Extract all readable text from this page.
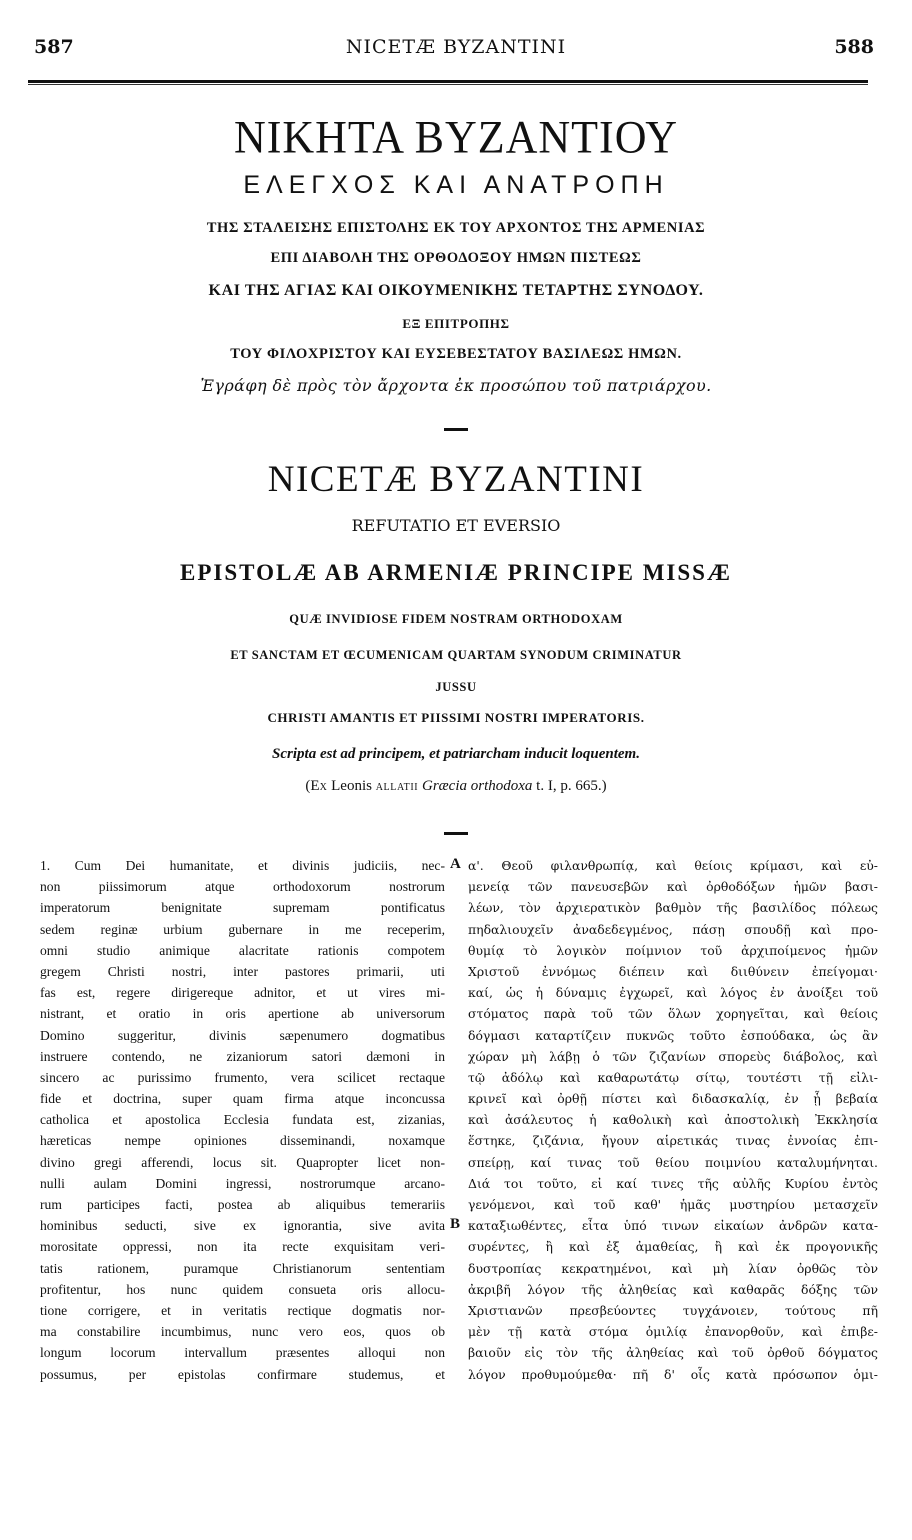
587	NICETÆ BYZANTINI	588
ΝΙΚΗΤΑ ΒΥΖΑΝΤΙΟΥ
ΕΛΕΓΧΟΣ ΚΑΙ ΑΝΑΤΡΟΠΗ
ΤΗΣ ΣΤΑΛΕΙΣΗΣ ΕΠΙΣΤΟΛΗΣ ΕΚ ΤΟΥ ΑΡΧΟΝΤΟΣ ΤΗΣ ΑΡΜΕΝΙΑΣ
ΕΠΙ ΔΙΑΒΟΛΗ ΤΗΣ ΟΡΘΟΔΟΞΟΥ ΗΜΩΝ ΠΙΣΤΕΩΣ
ΚΑΙ ΤΗΣ ΑΓΙΑΣ ΚΑΙ ΟΙΚΟΥΜΕΝΙΚΗΣ ΤΕΤΑΡΤΗΣ ΣΥΝΟΔΟΥ.
ΕΞ ΕΠΙΤΡΟΠΗΣ
ΤΟΥ ΦΙΛΟΧΡΙΣΤΟΥ ΚΑΙ ΕΥΣΕΒΕΣΤΑΤΟΥ ΒΑΣΙΛΕΩΣ ΗΜΩΝ.
Ἐγράφη δὲ πρὸς τὸν ἄρχοντα ἐκ προσώπου τοῦ πατριάρχου.
NICETÆ BYZANTINI
REFUTATIO ET EVERSIO
EPISTOLÆ AB ARMENIÆ PRINCIPE MISSÆ
QUÆ INVIDIOSE FIDEM NOSTRAM ORTHODOXAM
ET SANCTAM ET ŒCUMENICAM QUARTAM SYNODUM CRIMINATUR
JUSSU
CHRISTI AMANTIS ET PIISSIMI NOSTRI IMPERATORIS.
Scripta est ad principem, et patriarcham inducit loquentem.
(EX Leonis ALLATII Græcia orthodoxa t. I, p. 665.)
A
B
1. Cum Dei humanitate, et divinis judiciis, nec-
non piissimorum atque orthodoxorum nostrorum
imperatorum benignitate supremam pontificatus
sedem reginæ urbium gubernare in me receperim,
omni studio animique alacritate rationis compotem
gregem Christi nostri, inter pastores primarii, uti
fas est, regere dirigereque adnitor, et ut vires mi-
nistrant, et oratio in oris apertione ab universorum
Domino suggeritur, divinis sæpenumero dogmatibus
instruere contendo, ne zizaniorum satori dæmoni in
sincero ac purissimo frumento, vera scilicet rectaque
fide et doctrina, super quam firma atque inconcussa
catholica et apostolica Ecclesia fundata est, zizanias,
hæreticas nempe opiniones disseminandi, noxamque
divino gregi afferendi, locus sit. Quapropter licet non-
nulli aulam Domini ingressi, nostrorumque arcano-
rum participes facti, postea ab aliquibus temerariis
hominibus seducti, sive ex ignorantia, sive avita
morositate oppressi, non ita recte exquisitam veri-
tatis rationem, puramque Christianorum sententiam
profitentur, hos nunc quidem consueta oris allocu-
tione corrigere, et in veritatis rectique dogmatis nor-
ma constabilire incumbimus, nunc vero eos, quos ob
longum locorum intervallum præsentes alloqui non
possumus, per epistolas confirmare studemus, et
α'. Θεοῦ φιλανθρωπίᾳ, καὶ θείοις κρίμασι, καὶ εὐ-
μενείᾳ τῶν πανευσεβῶν καὶ ὀρθοδόξων ἡμῶν βασι-
λέων, τὸν ἀρχιερατικὸν βαθμὸν τῆς βασιλίδος πόλεως
πηδαλιουχεῖν ἀναδεδεγμένος, πάσῃ σπουδῇ καὶ προ-
θυμίᾳ τὸ λογικὸν ποίμνιον τοῦ ἀρχιποίμενος ἡμῶν
Χριστοῦ ἐννόμως διέπειν καὶ διιθύνειν ἐπείγομαι·
καί, ὡς ἡ δύναμις ἐγχωρεῖ, καὶ λόγος ἐν ἀνοίξει τοῦ
στόματος παρὰ τοῦ τῶν ὅλων χορηγεῖται, καὶ θείοις
δόγμασι καταρτίζειν πυκνῶς τοῦτο ἐσπούδακα, ὡς ἂν
χώραν μὴ λάβῃ ὁ τῶν ζιζανίων σπορεὺς διάβολος, καὶ
τῷ ἀδόλῳ καὶ καθαρωτάτῳ σίτῳ, τουτέστι τῇ εἰλι-
κρινεῖ καὶ ὀρθῇ πίστει καὶ διδασκαλίᾳ, ἐν ᾗ βεβαία
καὶ ἀσάλευτος ἡ καθολικὴ καὶ ἀποστολικὴ Ἐκκλησία
ἕστηκε, ζιζάνια, ἤγουν αἱρετικάς τινας ἐννοίας ἐπι-
σπείρῃ, καί τινας τοῦ θείου ποιμνίου καταλυμήνηται.
Διά τοι τοῦτο, εἰ καί τινες τῆς αὐλῆς Κυρίου ἐντὸς
γενόμενοι, καὶ τοῦ καθ' ἡμᾶς μυστηρίου μετασχεῖν
καταξιωθέντες, εἶτα ὑπό τινων εἰκαίων ἀνδρῶν κατα-
συρέντες, ἢ καὶ ἐξ ἀμαθείας, ἢ καὶ ἐκ προγονικῆς
δυστροπίας κεκρατημένοι, καὶ μὴ λίαν ὀρθῶς τὸν
ἀκριβῆ λόγον τῆς ἀληθείας καὶ καθαρᾶς δόξης τῶν
Χριστιανῶν πρεσβεύοντες τυγχάνοιεν, τούτους πῆ
μὲν τῇ κατὰ στόμα ὁμιλίᾳ ἐπανορθοῦν, καὶ ἐπιβε-
βαιοῦν εἰς τὸν τῆς ἀληθείας καὶ τοῦ ὀρθοῦ δόγματος
λόγον προθυμούμεθα· πῆ δ' οἷς κατὰ πρόσωπον ὁμι-
